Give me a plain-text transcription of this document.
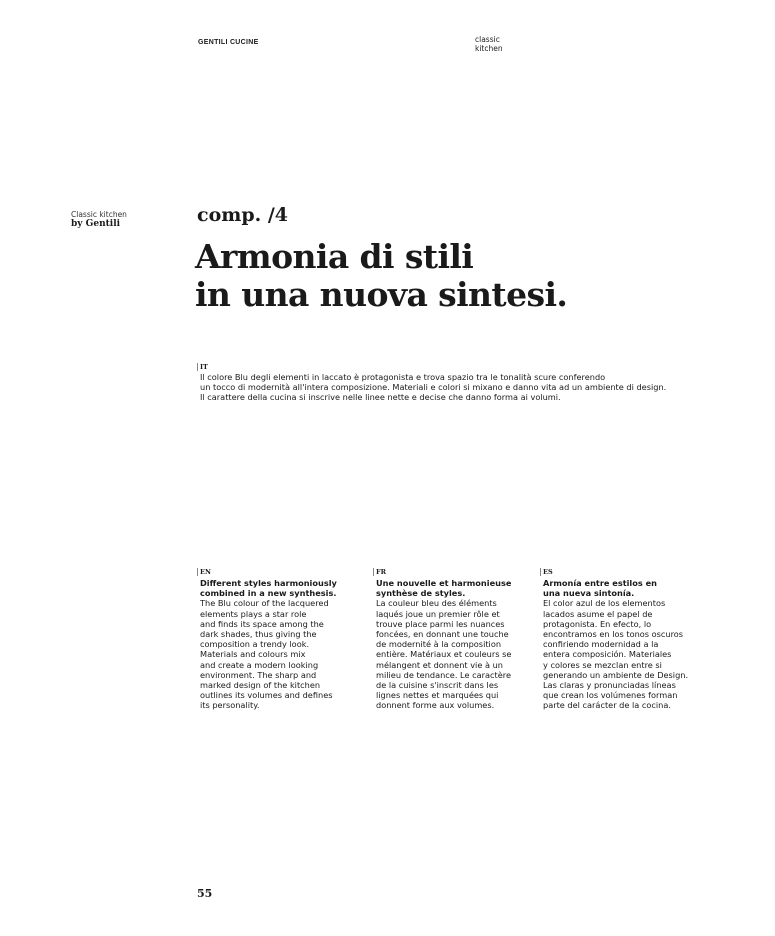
GENTILI CUCINE	classic
kitchen
Classic kitchen
by Gentili	comp. /4
Armonia di stili
in una nuova sintesi.
IT
Il colore Blu degli elementi in laccato è protagonista e trova spazio tra le tonalità scure conferendo
un tocco di modernità all'intera composizione. Materiali e colori si mixano e danno vita ad un ambiente di design.
Il carattere della cucina si inscrive nelle linee nette e decise che danno forma ai volumi.
EN
Different styles harmoniously
combined in a new synthesis.
The Blu colour of the lacquered
elements plays a star role
and finds its space among the
dark shades, thus giving the
composition a trendy look.
Materials and colours mix
and create a modern looking
environment. The sharp and
marked design of the kitchen
outlines its volumes and defines
its personality.
FR
Une nouvelle et harmonieuse
synthèse de styles.
La couleur bleu des éléments
laqués joue un premier rôle et
trouve place parmi les nuances
foncées, en donnant une touche
de modernité à la composition
entière. Matériaux et couleurs se
mélangent et donnent vie à un
milieu de tendance. Le caractère
de la cuisine s'inscrit dans les
lignes nettes et marquées qui
donnent forme aux volumes.
ES
Armonía entre estilos en
una nueva sintonía.
El color azul de los elementos
lacados asume el papel de
protagonista. En efecto, lo
encontramos en los tonos oscuros
confiriendo modernidad a la
entera composición. Materiales
y colores se mezclan entre si
generando un ambiente de Design.
Las claras y pronunciadas líneas
que crean los volúmenes forman
parte del carácter de la cocina.
55
